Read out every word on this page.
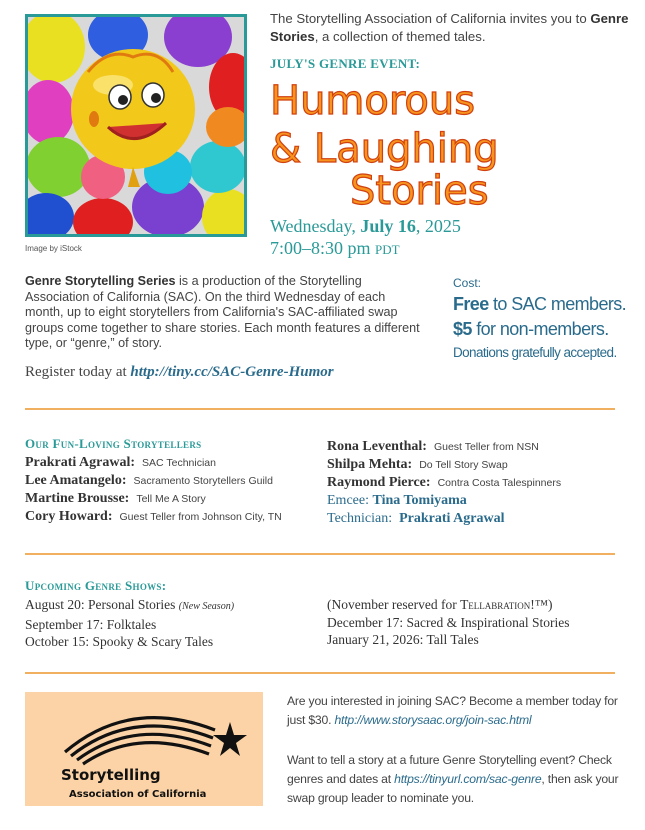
Image by iStock
The Storytelling Association of California invites you to Genre Stories, a collection of themed tales.
JULY'S GENRE EVENT:
Humorous
& Laughing
Stories
Wednesday, July 16, 2025
7:00–8:30 pm PDT
Genre Storytelling Series is a production of the Storytelling Association of California (SAC). On the third Wednesday of each month, up to eight storytellers from California's SAC-affiliated swap groups come together to share stories. Each month features a different type, or “genre,” of story.
Register today at http://tiny.cc/SAC-Genre-Humor
Cost:
Free to SAC members.
$5 for non-members.
Donations gratefully accepted.
Our Fun-Loving Storytellers
Prakrati Agrawal: SAC Technician
Lee Amatangelo: Sacramento Storytellers Guild
Martine Brousse: Tell Me A Story
Cory Howard: Guest Teller from Johnson City, TN
Rona Leventhal: Guest Teller from NSN
Shilpa Mehta: Do Tell Story Swap
Raymond Pierce: Contra Costa Talespinners
Emcee: Tina Tomiyama
Technician:  Prakrati Agrawal
Upcoming Genre Shows:
August 20: Personal Stories (New Season)
September 17: Folktales
October 15: Spooky & Scary Tales
(November reserved for Tellabration!™)
December 17: Sacred & Inspirational Stories
January 21, 2026: Tall Tales
Storytelling
Association of California
Are you interested in joining SAC? Become a member today for just $30. http://www.storysaac.org/join-sac.html
Want to tell a story at a future Genre Storytelling event? Check genres and dates at https://tinyurl.com/sac-genre, then ask your swap group leader to nominate you.
